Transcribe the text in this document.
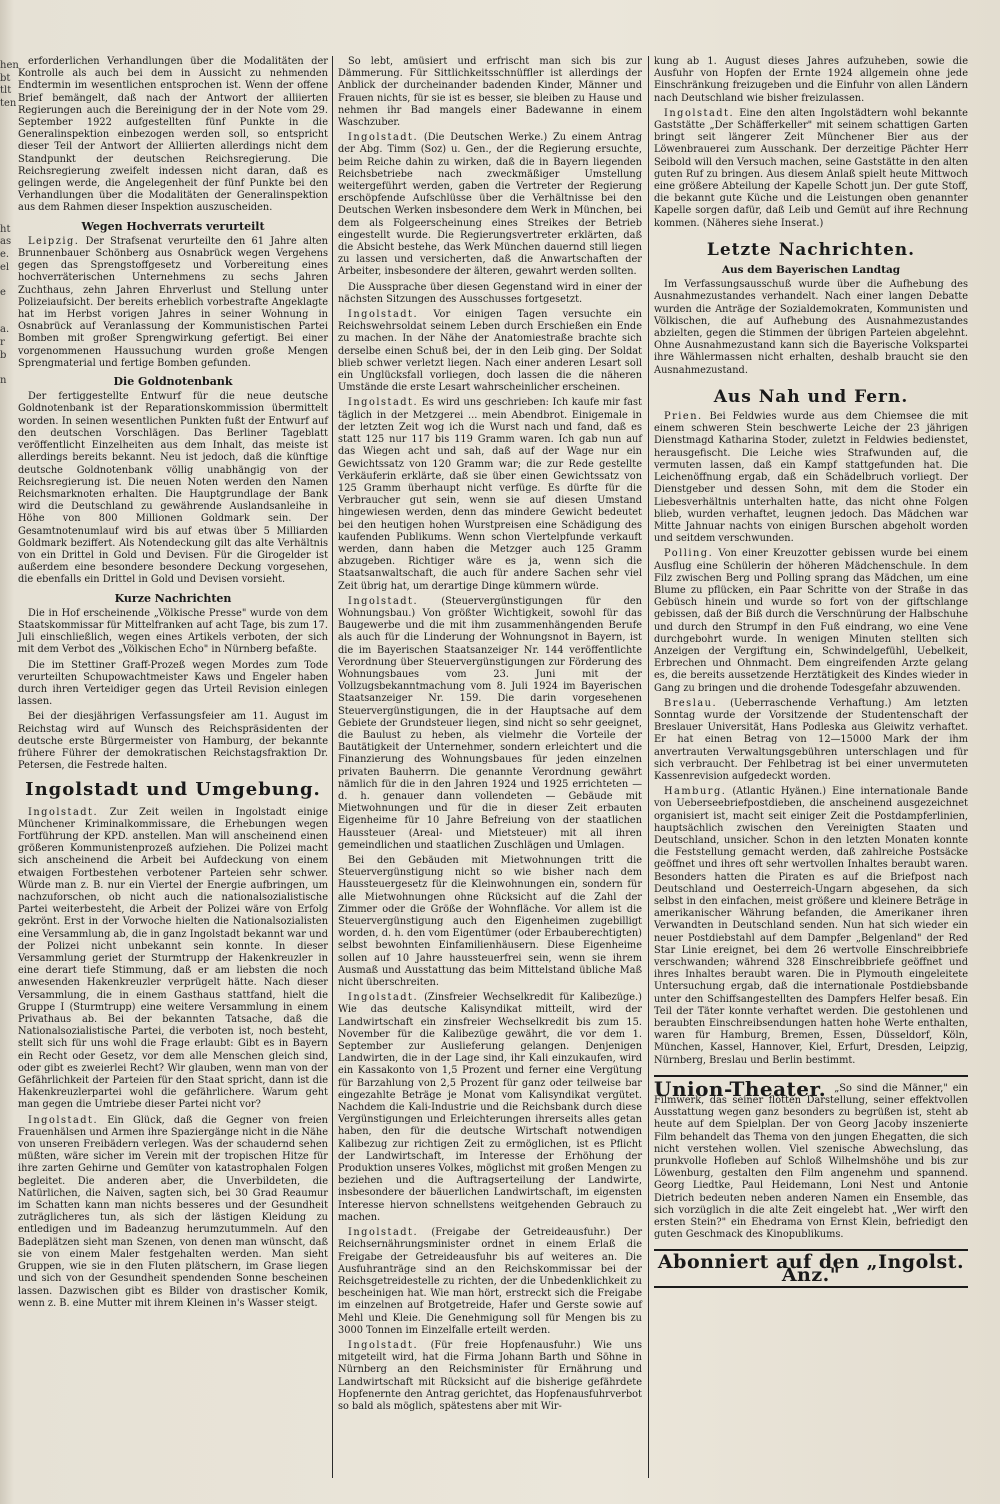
hen
bt
tlt
ten

ht
as
e.
el

e

a.
r
b

n

erforderlichen Verhandlungen über die Modalitäten der Kontrolle als auch bei dem in Aussicht zu nehmenden Endtermin im wesentlichen entsprochen ist. Wenn der offene Brief bemängelt, daß nach der Antwort der alliierten Regierungen auch die Bereinigung der in der Note vom 29. September 1922 aufgestellten fünf Punkte in die Generalinspektion einbezogen werden soll, so entspricht dieser Teil der Antwort der Alliierten allerdings nicht dem Standpunkt der deutschen Reichsregierung. Die Reichsregierung zweifelt indessen nicht daran, daß es gelingen werde, die Angelegenheit der fünf Punkte bei den Verhandlungen über die Modalitäten der Generalinspektion aus dem Rahmen dieser Inspektion auszuscheiden.

Wegen Hochverrats verurteilt

Leipzig. Der Strafsenat verurteilte den 61 Jahre alten Brunnenbauer Schönberg aus Osnabrück wegen Vergehens gegen das Sprengstoffgesetz und Vorbereitung eines hochverräterischen Unternehmens zu sechs Jahren Zuchthaus, zehn Jahren Ehrverlust und Stellung unter Polizeiaufsicht. Der bereits erheblich vorbestrafte Angeklagte hat im Herbst vorigen Jahres in seiner Wohnung in Osnabrück auf Veranlassung der Kommunistischen Partei Bomben mit großer Sprengwirkung gefertigt. Bei einer vorgenommenen Haussuchung wurden große Mengen Sprengmaterial und fertige Bomben gefunden.

Die Goldnotenbank

Der fertiggestellte Entwurf für die neue deutsche Goldnotenbank ist der Reparationskommission übermittelt worden. In seinen wesentlichen Punkten fußt der Entwurf auf den deutschen Vorschlägen. Das Berliner Tageblatt veröffentlicht Einzelheiten aus dem Inhalt, das meiste ist allerdings bereits bekannt. Neu ist jedoch, daß die künftige deutsche Goldnotenbank völlig unabhängig von der Reichsregierung ist. Die neuen Noten werden den Namen Reichsmarknoten erhalten. Die Hauptgrundlage der Bank wird die Deutschland zu gewährende Auslandsanleihe in Höhe von 800 Millionen Goldmark sein. Der Gesamtnotenumlauf wird bis auf etwas über 5 Milliarden Goldmark beziffert. Als Notendeckung gilt das alte Verhältnis von ein Drittel in Gold und Devisen. Für die Girogelder ist außerdem eine besondere besondere Deckung vorgesehen, die ebenfalls ein Drittel in Gold und Devisen vorsieht.

Kurze Nachrichten

Die in Hof erscheinende „Völkische Presse" wurde von dem Staatskommissar für Mittelfranken auf acht Tage, bis zum 17. Juli einschließlich, wegen eines Artikels verboten, der sich mit dem Verbot des „Völkischen Echo" in Nürnberg befaßte.

Die im Stettiner Graff-Prozeß wegen Mordes zum Tode verurteilten Schupowachtmeister Kaws und Engeler haben durch ihren Verteidiger gegen das Urteil Revision einlegen lassen.

Bei der diesjährigen Verfassungsfeier am 11. August im Reichstag wird auf Wunsch des Reichspräsidenten der deutsche erste Bürgermeister von Hamburg, der bekannte frühere Führer der demokratischen Reichstagsfraktion Dr. Petersen, die Festrede halten.

Ingolstadt und Umgebung.

Ingolstadt. Zur Zeit weilen in Ingolstadt einige Münchener Kriminalkommissare, die Erhebungen wegen Fortführung der KPD. anstellen. Man will anscheinend einen größeren Kommunistenprozeß aufziehen. Die Polizei macht sich anscheinend die Arbeit bei Aufdeckung von einem etwaigen Fortbestehen verbotener Parteien sehr schwer. Würde man z. B. nur ein Viertel der Energie aufbringen, um nachzuforschen, ob nicht auch die nationalsozialistische Partei weiterbesteht, die Arbeit der Polizei wäre von Erfolg gekrönt. Erst in der Vorwoche hielten die Nationalsozialisten eine Versammlung ab, die in ganz Ingolstadt bekannt war und der Polizei nicht unbekannt sein konnte. In dieser Versammlung geriet der Sturmtrupp der Hakenkreuzler in eine derart tiefe Stimmung, daß er am liebsten die noch anwesenden Hakenkreuzler verprügelt hätte. Nach dieser Versammlung, die in einem Gasthaus stattfand, hielt die Gruppe I (Sturmtrupp) eine weitere Versammlung in einem Privathaus ab. Bei der bekannten Tatsache, daß die Nationalsozialistische Partei, die verboten ist, noch besteht, stellt sich für uns wohl die Frage erlaubt: Gibt es in Bayern ein Recht oder Gesetz, vor dem alle Menschen gleich sind, oder gibt es zweierlei Recht? Wir glauben, wenn man von der Gefährlichkeit der Parteien für den Staat spricht, dann ist die Hakenkreuzlerpartei wohl die gefährlichere. Warum geht man gegen die Umtriebe dieser Partei nicht vor?

Ingolstadt. Ein Glück, daß die Gegner von freien Frauenhälsen und Armen ihre Spaziergänge nicht in die Nähe von unseren Freibädern verlegen. Was der schaudernd sehen müßten, wäre sicher im Verein mit der tropischen Hitze für ihre zarten Gehirne und Gemüter von katastrophalen Folgen begleitet. Die anderen aber, die Unverbildeten, die Natürlichen, die Naiven, sagten sich, bei 30 Grad Reaumur im Schatten kann man nichts besseres und der Gesundheit zuträglicheres tun, als sich der lästigen Kleidung zu entledigen und im Badeanzug herumzutummeln. Auf den Badeplätzen sieht man Szenen, von denen man wünscht, daß sie von einem Maler festgehalten werden. Man sieht Gruppen, wie sie in den Fluten plätschern, im Grase liegen und sich von der Gesundheit spendenden Sonne bescheinen lassen. Dazwischen gibt es Bilder von drastischer Komik, wenn z. B. eine Mutter mit ihrem Kleinen in's Wasser steigt.

So lebt, amüsiert und erfrischt man sich bis zur Dämmerung. Für Sittlichkeitsschnüffler ist allerdings der Anblick der durcheinander badenden Kinder, Männer und Frauen nichts, für sie ist es besser, sie bleiben zu Hause und nehmen ihr Bad mangels einer Badewanne in einem Waschzuber.

Ingolstadt. (Die Deutschen Werke.) Zu einem Antrag der Abg. Timm (Soz) u. Gen., der die Regierung ersuchte, beim Reiche dahin zu wirken, daß die in Bayern liegenden Reichsbetriebe nach zweckmäßiger Umstellung weitergeführt werden, gaben die Vertreter der Regierung erschöpfende Aufschlüsse über die Verhältnisse bei den Deutschen Werken insbesondere dem Werk in München, bei dem als Folgeerscheinung eines Streikes der Betrieb eingestellt wurde. Die Regierungsvertreter erklärten, daß die Absicht bestehe, das Werk München dauernd still liegen zu lassen und versicherten, daß die Anwartschaften der Arbeiter, insbesondere der älteren, gewahrt werden sollten.

Die Aussprache über diesen Gegenstand wird in einer der nächsten Sitzungen des Ausschusses fortgesetzt.

Ingolstadt. Vor einigen Tagen versuchte ein Reichswehrsoldat seinem Leben durch Erschießen ein Ende zu machen. In der Nähe der Anatomiestraße brachte sich derselbe einen Schuß bei, der in den Leib ging. Der Soldat blieb schwer verletzt liegen. Nach einer anderen Lesart soll ein Unglücksfall vorliegen, doch lassen die die näheren Umstände die erste Lesart wahrscheinlicher erscheinen.

Ingolstadt. Es wird uns geschrieben: Ich kaufe mir fast täglich in der Metzgerei ... mein Abendbrot. Einigemale in der letzten Zeit wog ich die Wurst nach und fand, daß es statt 125 nur 117 bis 119 Gramm waren. Ich gab nun auf das Wiegen acht und sah, daß auf der Wage nur ein Gewichtssatz von 120 Gramm war; die zur Rede gestellte Verkäuferin erklärte, daß sie über einen Gewichtssatz von 125 Gramm überhaupt nicht verfüge. Es dürfte für die Verbraucher gut sein, wenn sie auf diesen Umstand hingewiesen werden, denn das mindere Gewicht bedeutet bei den heutigen hohen Wurstpreisen eine Schädigung des kaufenden Publikums. Wenn schon Viertelpfunde verkauft werden, dann haben die Metzger auch 125 Gramm abzugeben. Richtiger wäre es ja, wenn sich die Staatsanwaltschaft, die auch für andere Sachen sehr viel Zeit übrig hat, um derartige Dinge kümmern würde.

Ingolstadt. (Steuervergünstigungen für den Wohnungsbau.) Von größter Wichtigkeit, sowohl für das Baugewerbe und die mit ihm zusammenhängenden Berufe als auch für die Linderung der Wohnungsnot in Bayern, ist die im Bayerischen Staatsanzeiger Nr. 144 veröffentlichte Verordnung über Steuervergünstigungen zur Förderung des Wohnungsbaues vom 23. Juni mit der Vollzugsbekanntmachung vom 8. Juli 1924 im Bayerischen Staatsanzeiger Nr. 159. Die darin vorgesehenen Steuervergünstigungen, die in der Hauptsache auf dem Gebiete der Grundsteuer liegen, sind nicht so sehr geeignet, die Baulust zu heben, als vielmehr die Vorteile der Bautätigkeit der Unternehmer, sondern erleichtert und die Finanzierung des Wohnungsbaues für jeden einzelnen privaten Bauherrn. Die genannte Verordnung gewährt nämlich für die in den Jahren 1924 und 1925 errichteten — d. h. genauer dann vollendeten — Gebäude mit Mietwohnungen und für die in dieser Zeit erbauten Eigenheime für 10 Jahre Befreiung von der staatlichen Haussteuer (Areal- und Mietsteuer) mit all ihren gemeindlichen und staatlichen Zuschlägen und Umlagen.

Bei den Gebäuden mit Mietwohnungen tritt die Steuervergünstigung nicht so wie bisher nach dem Haussteuergesetz für die Kleinwohnungen ein, sondern für alle Mietwohnungen ohne Rücksicht auf die Zahl der Zimmer oder die Größe der Wohnfläche. Vor allem ist die Steuervergünstigung auch den Eigenheimen zugebilligt worden, d. h. den vom Eigentümer (oder Erbauberechtigten) selbst bewohnten Einfamilienhäusern. Diese Eigenheime sollen auf 10 Jahre haussteuerfrei sein, wenn sie ihrem Ausmaß und Ausstattung das beim Mittelstand übliche Maß nicht überschreiten.

Ingolstadt. (Zinsfreier Wechselkredit für Kalibezüge.) Wie das deutsche Kalisyndikat mitteilt, wird der Landwirtschaft ein zinsfreier Wechselkredit bis zum 15. November für die Kalibezüge gewährt, die vor dem 1. September zur Auslieferung gelangen. Denjenigen Landwirten, die in der Lage sind, ihr Kali einzukaufen, wird ein Kassakonto von 1,5 Prozent und ferner eine Vergütung für Barzahlung von 2,5 Prozent für ganz oder teilweise bar eingezahlte Beträge je Monat vom Kalisyndikat vergütet. Nachdem die Kali-Industrie und die Reichsbank durch diese Vergünstigungen und Erleichterungen ihrerseits alles getan haben, den für die deutsche Wirtschaft notwendigen Kalibezug zur richtigen Zeit zu ermöglichen, ist es Pflicht der Landwirtschaft, im Interesse der Erhöhung der Produktion unseres Volkes, möglichst mit großen Mengen zu beziehen und die Auftragserteilung der Landwirte, insbesondere der bäuerlichen Landwirtschaft, im eigensten Interesse hiervon schnellstens weitgehenden Gebrauch zu machen.

Ingolstadt. (Freigabe der Getreideausfuhr.) Der Reichsernährungsminister ordnet in einem Erlaß die Freigabe der Getreideausfuhr bis auf weiteres an. Die Ausfuhranträge sind an den Reichskommissar bei der Reichsgetreidestelle zu richten, der die Unbedenklichkeit zu bescheinigen hat. Wie man hört, erstreckt sich die Freigabe im einzelnen auf Brotgetreide, Hafer und Gerste sowie auf Mehl und Kleie. Die Genehmigung soll für Mengen bis zu 3000 Tonnen im Einzelfalle erteilt werden.

Ingolstadt. (Für freie Hopfenausfuhr.) Wie uns mitgeteilt wird, hat die Firma Johann Barth und Söhne in Nürnberg an den Reichsminister für Ernährung und Landwirtschaft mit Rücksicht auf die bisherige gefährdete Hopfenernte den Antrag gerichtet, das Hopfenausfuhrverbot so bald als möglich, spätestens aber mit Wir-

kung ab 1. August dieses Jahres aufzuheben, sowie die Ausfuhr von Hopfen der Ernte 1924 allgemein ohne jede Einschränkung freizugeben und die Einfuhr von allen Ländern nach Deutschland wie bisher freizulassen.

Ingolstadt. Eine den alten Ingolstädtern wohl bekannte Gaststätte „Der Schäfferkeller" mit seinem schattigen Garten bringt seit längerer Zeit Münchener Bier aus der Löwenbrauerei zum Ausschank. Der derzeitige Pächter Herr Seibold will den Versuch machen, seine Gaststätte in den alten guten Ruf zu bringen. Aus diesem Anlaß spielt heute Mittwoch eine größere Abteilung der Kapelle Schott jun. Der gute Stoff, die bekannt gute Küche und die Leistungen oben genannter Kapelle sorgen dafür, daß Leib und Gemüt auf ihre Rechnung kommen. (Näheres siehe Inserat.)

Letzte Nachrichten.
Aus dem Bayerischen Landtag

Im Verfassungsausschuß wurde über die Aufhebung des Ausnahmezustandes verhandelt. Nach einer langen Debatte wurden die Anträge der Sozialdemokraten, Kommunisten und Völkischen, die auf Aufhebung des Ausnahmezustandes abzielten, gegen die Stimmen der übrigen Parteien abgelehnt. Ohne Ausnahmezustand kann sich die Bayerische Volkspartei ihre Wählermassen nicht erhalten, deshalb braucht sie den Ausnahmezustand.

Aus Nah und Fern.

Prien. Bei Feldwies wurde aus dem Chiemsee die mit einem schweren Stein beschwerte Leiche der 23 jährigen Dienstmagd Katharina Stoder, zuletzt in Feldwies bedienstet, herausgefischt. Die Leiche wies Strafwunden auf, die vermuten lassen, daß ein Kampf stattgefunden hat. Die Leichenöffnung ergab, daß ein Schädelbruch vorliegt. Der Dienstgeber und dessen Sohn, mit dem die Stoder ein Liebesverhältnis unterhalten hatte, das nicht ohne Folgen blieb, wurden verhaftet, leugnen jedoch. Das Mädchen war Mitte Jahnuar nachts von einigen Burschen abgeholt worden und seitdem verschwunden.

Polling. Von einer Kreuzotter gebissen wurde bei einem Ausflug eine Schülerin der höheren Mädchenschule. In dem Filz zwischen Berg und Polling sprang das Mädchen, um eine Blume zu pflücken, ein Paar Schritte von der Straße in das Gebüsch hinein und wurde so fort von der giftschlange gebissen, daß der Biß durch die Verschnürung der Halbschuhe und durch den Strumpf in den Fuß eindrang, wo eine Vene durchgebohrt wurde. In wenigen Minuten stellten sich Anzeigen der Vergiftung ein, Schwindelgefühl, Uebelkeit, Erbrechen und Ohnmacht. Dem eingreifenden Arzte gelang es, die bereits aussetzende Herztätigkeit des Kindes wieder in Gang zu bringen und die drohende Todesgefahr abzuwenden.

Breslau. (Ueberraschende Verhaftung.) Am letzten Sonntag wurde der Vorsitzende der Studentenschaft der Breslauer Universität, Hans Podleska aus Gleiwitz verhaftet. Er hat einen Betrag von 12—15000 Mark der ihm anvertrauten Verwaltungsgebühren unterschlagen und für sich verbraucht. Der Fehlbetrag ist bei einer unvermuteten Kassenrevision aufgedeckt worden.

Hamburg. (Atlantic Hyänen.) Eine internationale Bande von Ueberseebriefpostdieben, die anscheinend ausgezeichnet organisiert ist, macht seit einiger Zeit die Postdampferlinien, hauptsächlich zwischen den Vereinigten Staaten und Deutschland, unsicher. Schon in den letzten Monaten konnte die Feststellung gemacht werden, daß zahlreiche Postsäcke geöffnet und ihres oft sehr wertvollen Inhaltes beraubt waren. Besonders hatten die Piraten es auf die Briefpost nach Deutschland und Oesterreich-Ungarn abgesehen, da sich selbst in den einfachen, meist größere und kleinere Beträge in amerikanischer Währung befanden, die Amerikaner ihren Verwandten in Deutschland senden. Nun hat sich wieder ein neuer Postdiebstahl auf dem Dampfer „Belgenland" der Red Star Linie ereignet, bei dem 26 wertvolle Einschreibbriefe verschwanden; während 328 Einschreibbriefe geöffnet und ihres Inhaltes beraubt waren. Die in Plymouth eingeleitete Untersuchung ergab, daß die internationale Postdiebsbande unter den Schiffsangestellten des Dampfers Helfer besaß. Ein Teil der Täter konnte verhaftet werden. Die gestohlenen und beraubten Einschreibsendungen hatten hohe Werte enthalten, waren für Hamburg, Bremen, Essen, Düsseldorf, Köln, München, Kassel, Hannover, Kiel, Erfurt, Dresden, Leipzig, Nürnberg, Breslau und Berlin bestimmt.

Union-Theater. „So sind die Männer," ein Filmwerk, das seiner flotten Darstellung, seiner effektvollen Ausstattung wegen ganz besonders zu begrüßen ist, steht ab heute auf dem Spielplan. Der von Georg Jacoby inszenierte Film behandelt das Thema von den jungen Ehegatten, die sich nicht verstehen wollen. Viel szenische Abwechslung, das prunkvolle Hofleben auf Schloß Wilhelmshöhe und bis zur Löwenburg, gestalten den Film angenehm und spannend. Georg Liedtke, Paul Heidemann, Loni Nest und Antonie Dietrich bedeuten neben anderen Namen ein Ensemble, das sich vorzüglich in die alte Zeit eingelebt hat. „Wer wirft den ersten Stein?" ein Ehedrama von Ernst Klein, befriedigt den guten Geschmack des Kinopublikums.

Abonniert auf den „Ingolst. Anz."
